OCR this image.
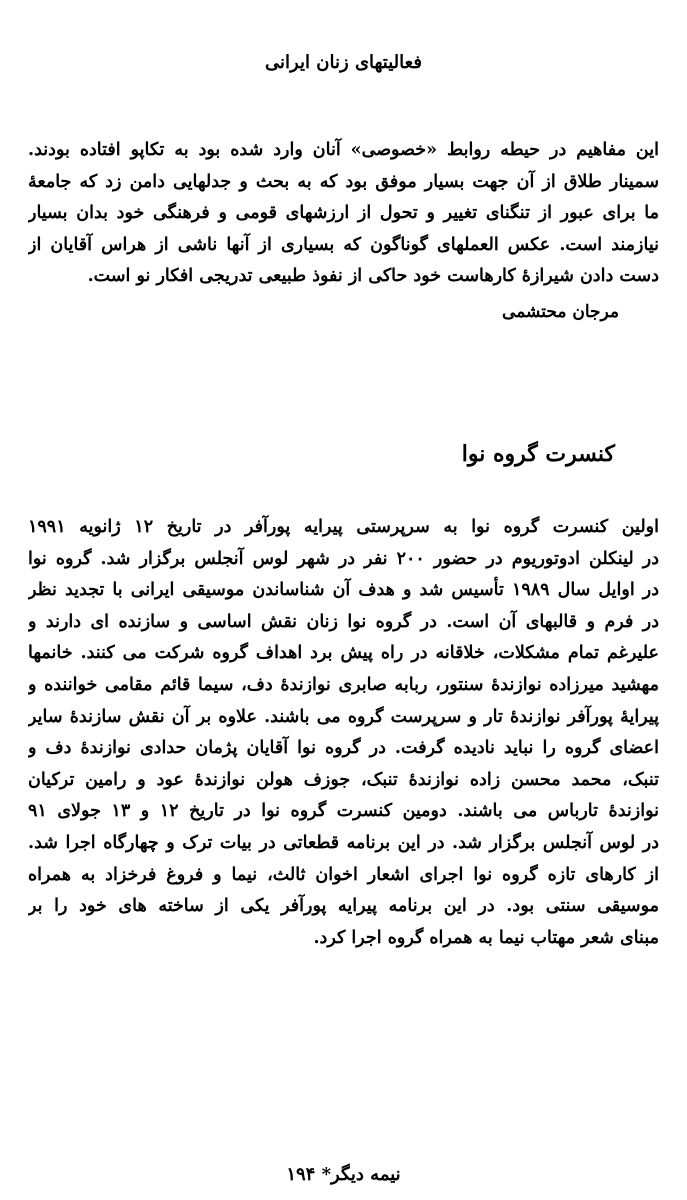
فعالیتهای زنان ایرانی
این مفاهیم در حیطه روابط «خصوصی» آنان وارد شده بود به تکاپو افتاده بودند.
سمینار طلاق از آن جهت بسیار موفق بود که به بحث و جدلهایی دامن زد که جامعهٔ
ما برای عبور از تنگنای تغییر و تحول از ارزشهای قومی و فرهنگی خود بدان بسیار
نیازمند است. عکس العملهای گوناگون که بسیاری از آنها ناشی از هراس آقایان از
دست دادن شیرازهٔ کارهاست خود حاکی از نفوذ طبیعی تدریجی افکار نو است.
مرجان محتشمی
کنسرت گروه نوا
اولین کنسرت گروه نوا به سرپرستی پیرایه پورآفر در تاریخ ۱۲ ژانویه ۱۹۹۱
در لینکلن ادوتوریوم در حضور ۲۰۰ نفر در شهر لوس آنجلس برگزار شد. گروه نوا
در اوایل سال ۱۹۸۹ تأسیس شد و هدف آن شناساندن موسیقی ایرانی با تجدید نظر
در فرم و قالبهای آن است. در گروه نوا زنان نقش اساسی و سازنده ای دارند و
علیرغم تمام مشکلات، خلاقانه در راه پیش برد اهداف گروه شرکت می کنند. خانمها
مهشید میرزاده نوازندهٔ سنتور، ربابه صابری نوازندهٔ دف، سیما قائم مقامی خوانند‌ه و
پیرایهٔ پورآفر نوازندهٔ تار و سرپرست گروه می باشند. علاوه بر آن نقش سازندهٔ سایر
اعضای گروه را نباید نادیده گرفت. در گروه نوا آقایان پژمان حدادی نوازندهٔ دف و
تنبک، محمد محسن زاده نوازندهٔ تنبک، جوزف هولن نوازندهٔ عود و رامین ترکیان
نوازندهٔ تارباس می باشند. دومین کنسرت گروه نوا در تاریخ ۱۲ و ۱۳ جولای ۹۱
در لوس آنجلس برگزار شد. در این برنامه قطعاتی در بیات ترک و چهارگاه اجرا شد.
از کارهای تازه گروه نوا اجرای اشعار اخوان ثالث، نیما و فروغ فرخزاد به همراه
موسیقی سنتی بود. در این برنامه پیرایه پورآفر یکی از ساخته های خود را بر
مبنای شعر مهتاب نیما به همراه گروه اجرا کرد.
نیمه دیگر* ۱۹۴
